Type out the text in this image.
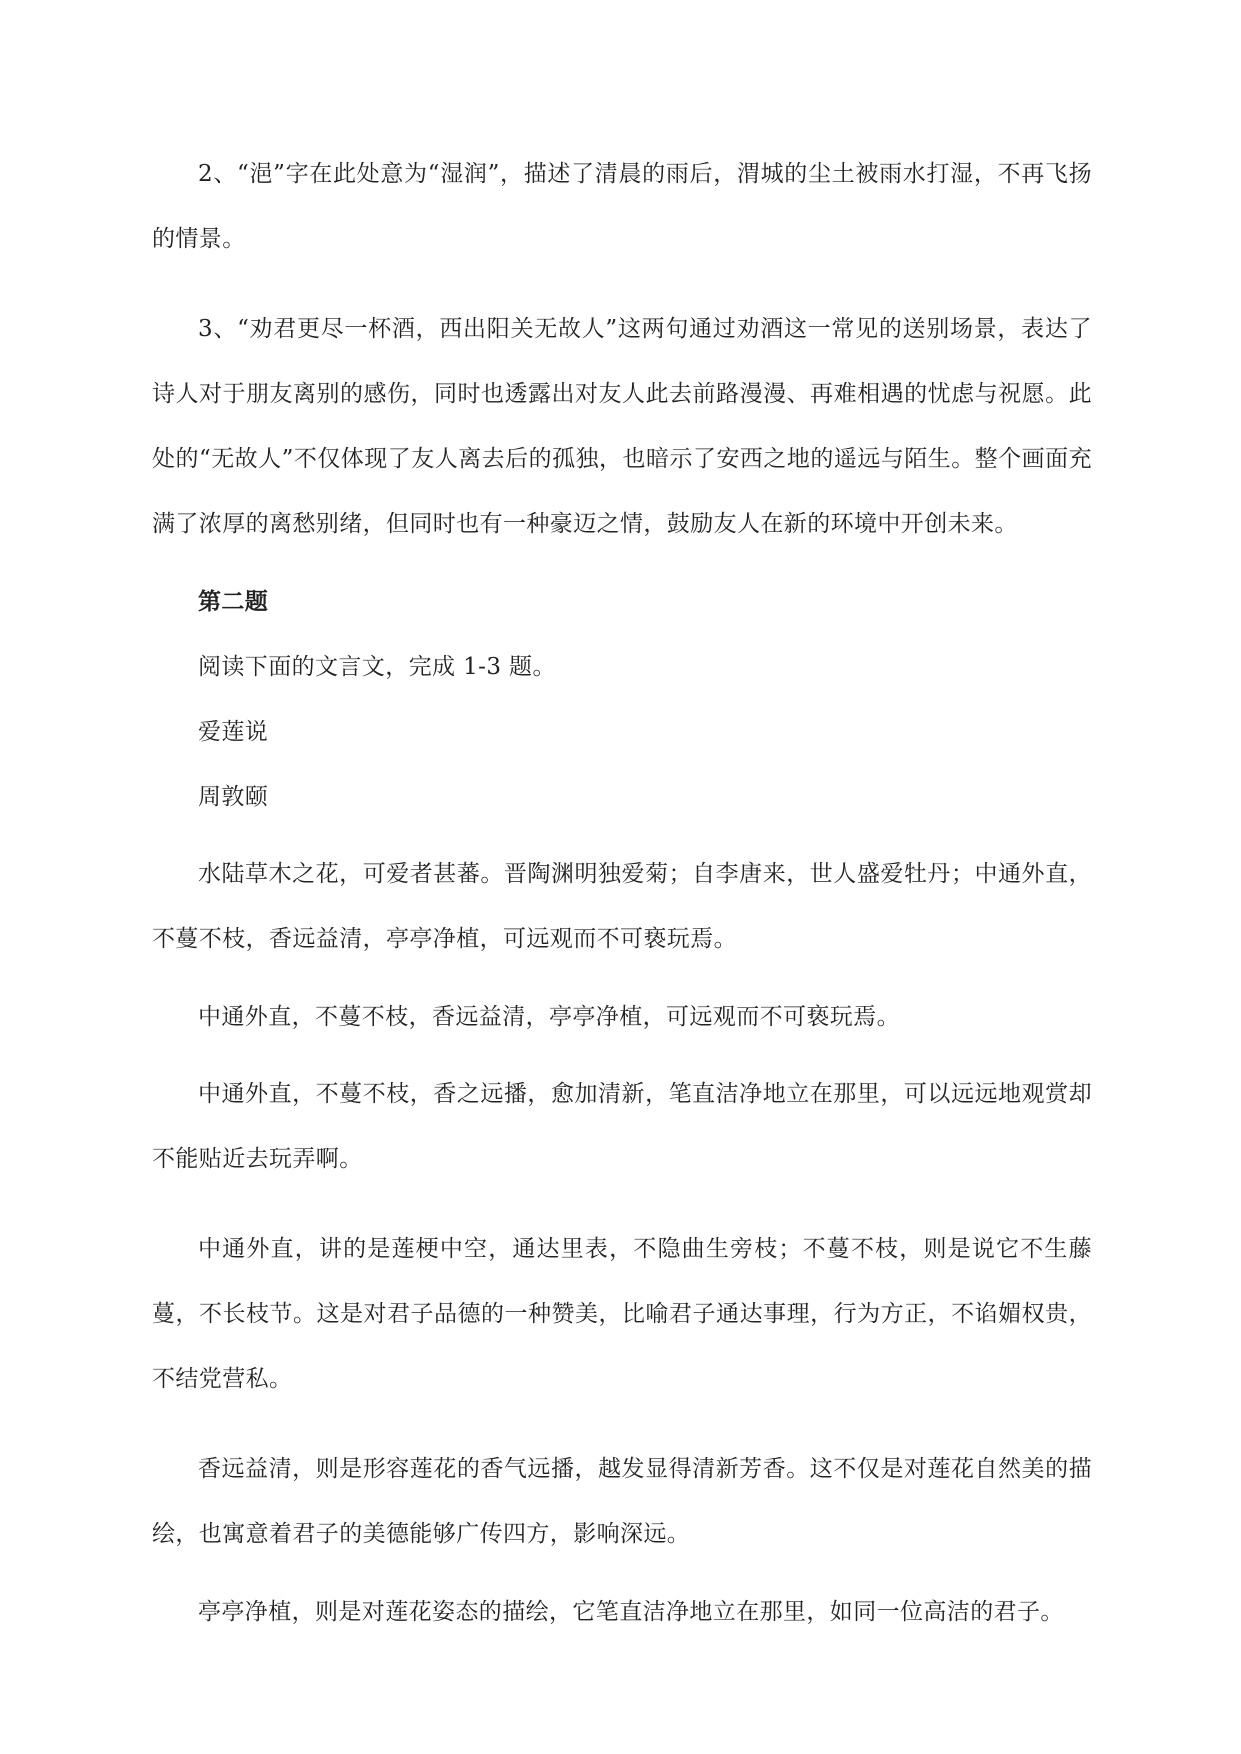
2、“浥”字在此处意为“湿润”，描述了清晨的雨后，渭城的尘土被雨水打湿，不再飞扬的情景。

3、“劝君更尽一杯酒，西出阳关无故人”这两句通过劝酒这一常见的送别场景，表达了诗人对于朋友离别的感伤，同时也透露出对友人此去前路漫漫、再难相遇的忧虑与祝愿。此处的“无故人”不仅体现了友人离去后的孤独，也暗示了安西之地的遥远与陌生。整个画面充满了浓厚的离愁别绪，但同时也有一种豪迈之情，鼓励友人在新的环境中开创未来。

第二题

阅读下面的文言文，完成 1-3 题。

爱莲说

周敦颐

水陆草木之花，可爱者甚蕃。晋陶渊明独爱菊；自李唐来，世人盛爱牡丹；中通外直，不蔓不枝，香远益清，亭亭净植，可远观而不可亵玩焉。

中通外直，不蔓不枝，香远益清，亭亭净植，可远观而不可亵玩焉。

中通外直，不蔓不枝，香之远播，愈加清新，笔直洁净地立在那里，可以远远地观赏却不能贴近去玩弄啊。

中通外直，讲的是莲梗中空，通达里表，不隐曲生旁枝；不蔓不枝，则是说它不生藤蔓，不长枝节。这是对君子品德的一种赞美，比喻君子通达事理，行为方正，不谄媚权贵，不结党营私。

香远益清，则是形容莲花的香气远播，越发显得清新芳香。这不仅是对莲花自然美的描绘，也寓意着君子的美德能够广传四方，影响深远。

亭亭净植，则是对莲花姿态的描绘，它笔直洁净地立在那里，如同一位高洁的君子。
